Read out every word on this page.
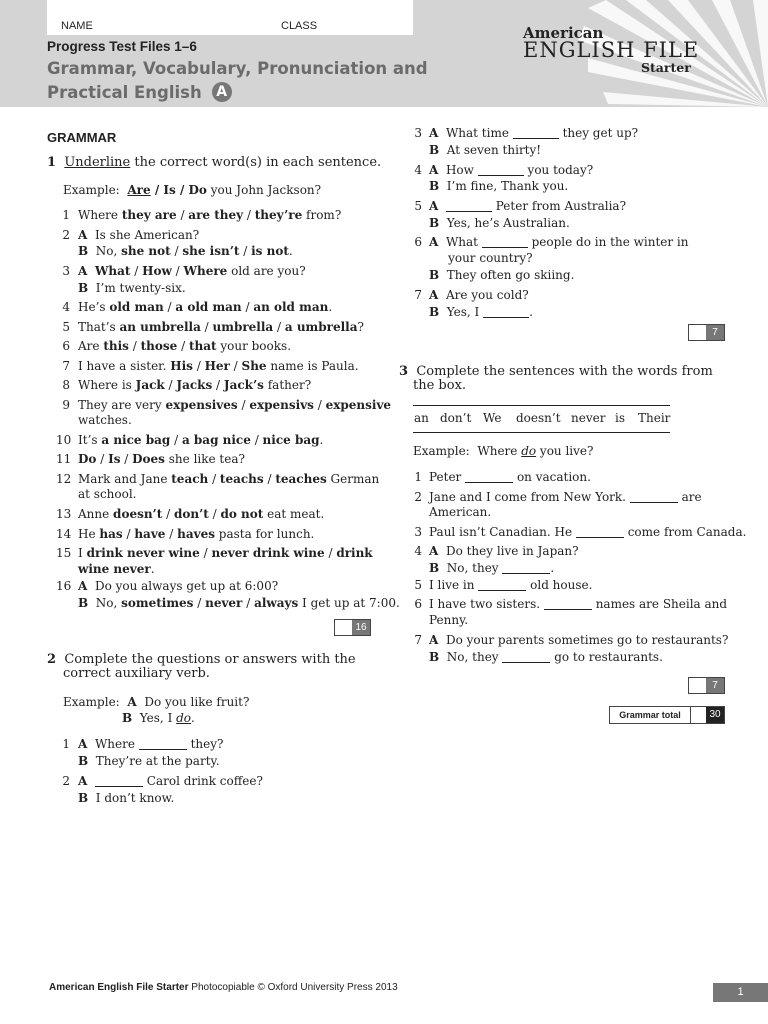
NAME	CLASS
Progress Test Files 1–6
Grammar, Vocabulary, Pronunciation and
Practical English A
American
ENGLISH FILE
Starter
GRAMMAR
1 Underline the correct word(s) in each sentence.
Example: Are / Is / Do you John Jackson?
1 Where they are / are they / they’re from?
2 A  Is she American?
B  No, she not / she isn’t / is not.
3 A What / How / Where old are you?
B  I’m twenty-six.
4 He’s old man / a old man / an old man.
5 That’s an umbrella / umbrella / a umbrella?
6 Are this / those / that your books.
7 I have a sister. His / Her / She name is Paula.
8 Where is Jack / Jacks / Jack’s father?
9 They are very expensives / expensivs / expensive
watches.
10 It’s a nice bag / a bag nice / nice bag.
11 Do / Is / Does she like tea?
12 Mark and Jane teach / teachs / teaches German
at school.
13 Anne doesn’t / don’t / do not eat meat.
14 He has / have / haves pasta for lunch.
15 I drink never wine / never drink wine / drink
wine never.
16 A  Do you always get up at 6:00?
B  No, sometimes / never / always I get up at 7:00.
16
2 Complete the questions or answers with the
correct auxiliary verb.
Example: A Do you like fruit?
B Yes, I do.
1 A  Where	they?
B  They’re at the party.
2 A	Carol drink coffee?
B  I don’t know.
3 A  What time	they get up?
B  At seven thirty!
4 A  How	you today?
B  I’m fine, Thank you.
5 A	Peter from Australia?
B  Yes, he’s Australian.
6 A  What	people do in the winter in
your country?
B  They often go skiing.
7 A  Are you cold?
B  Yes, I	.
7
3 Complete the sentences with the words from
the box.
an don’t We doesn’t never is Their
Example: Where do you live?
1 Peter	on vacation.
2 Jane and I come from New York.	are
American.
3 Paul isn’t Canadian. He	come from Canada.
4 A  Do they live in Japan?
B  No, they	.
5 I live in	old house.
6 I have two sisters.	names are Sheila and
Penny.
7 A  Do your parents sometimes go to restaurants?
B  No, they	go to restaurants.
7
Grammar total	30
American English File Starter Photocopiable © Oxford University Press 2013	1
